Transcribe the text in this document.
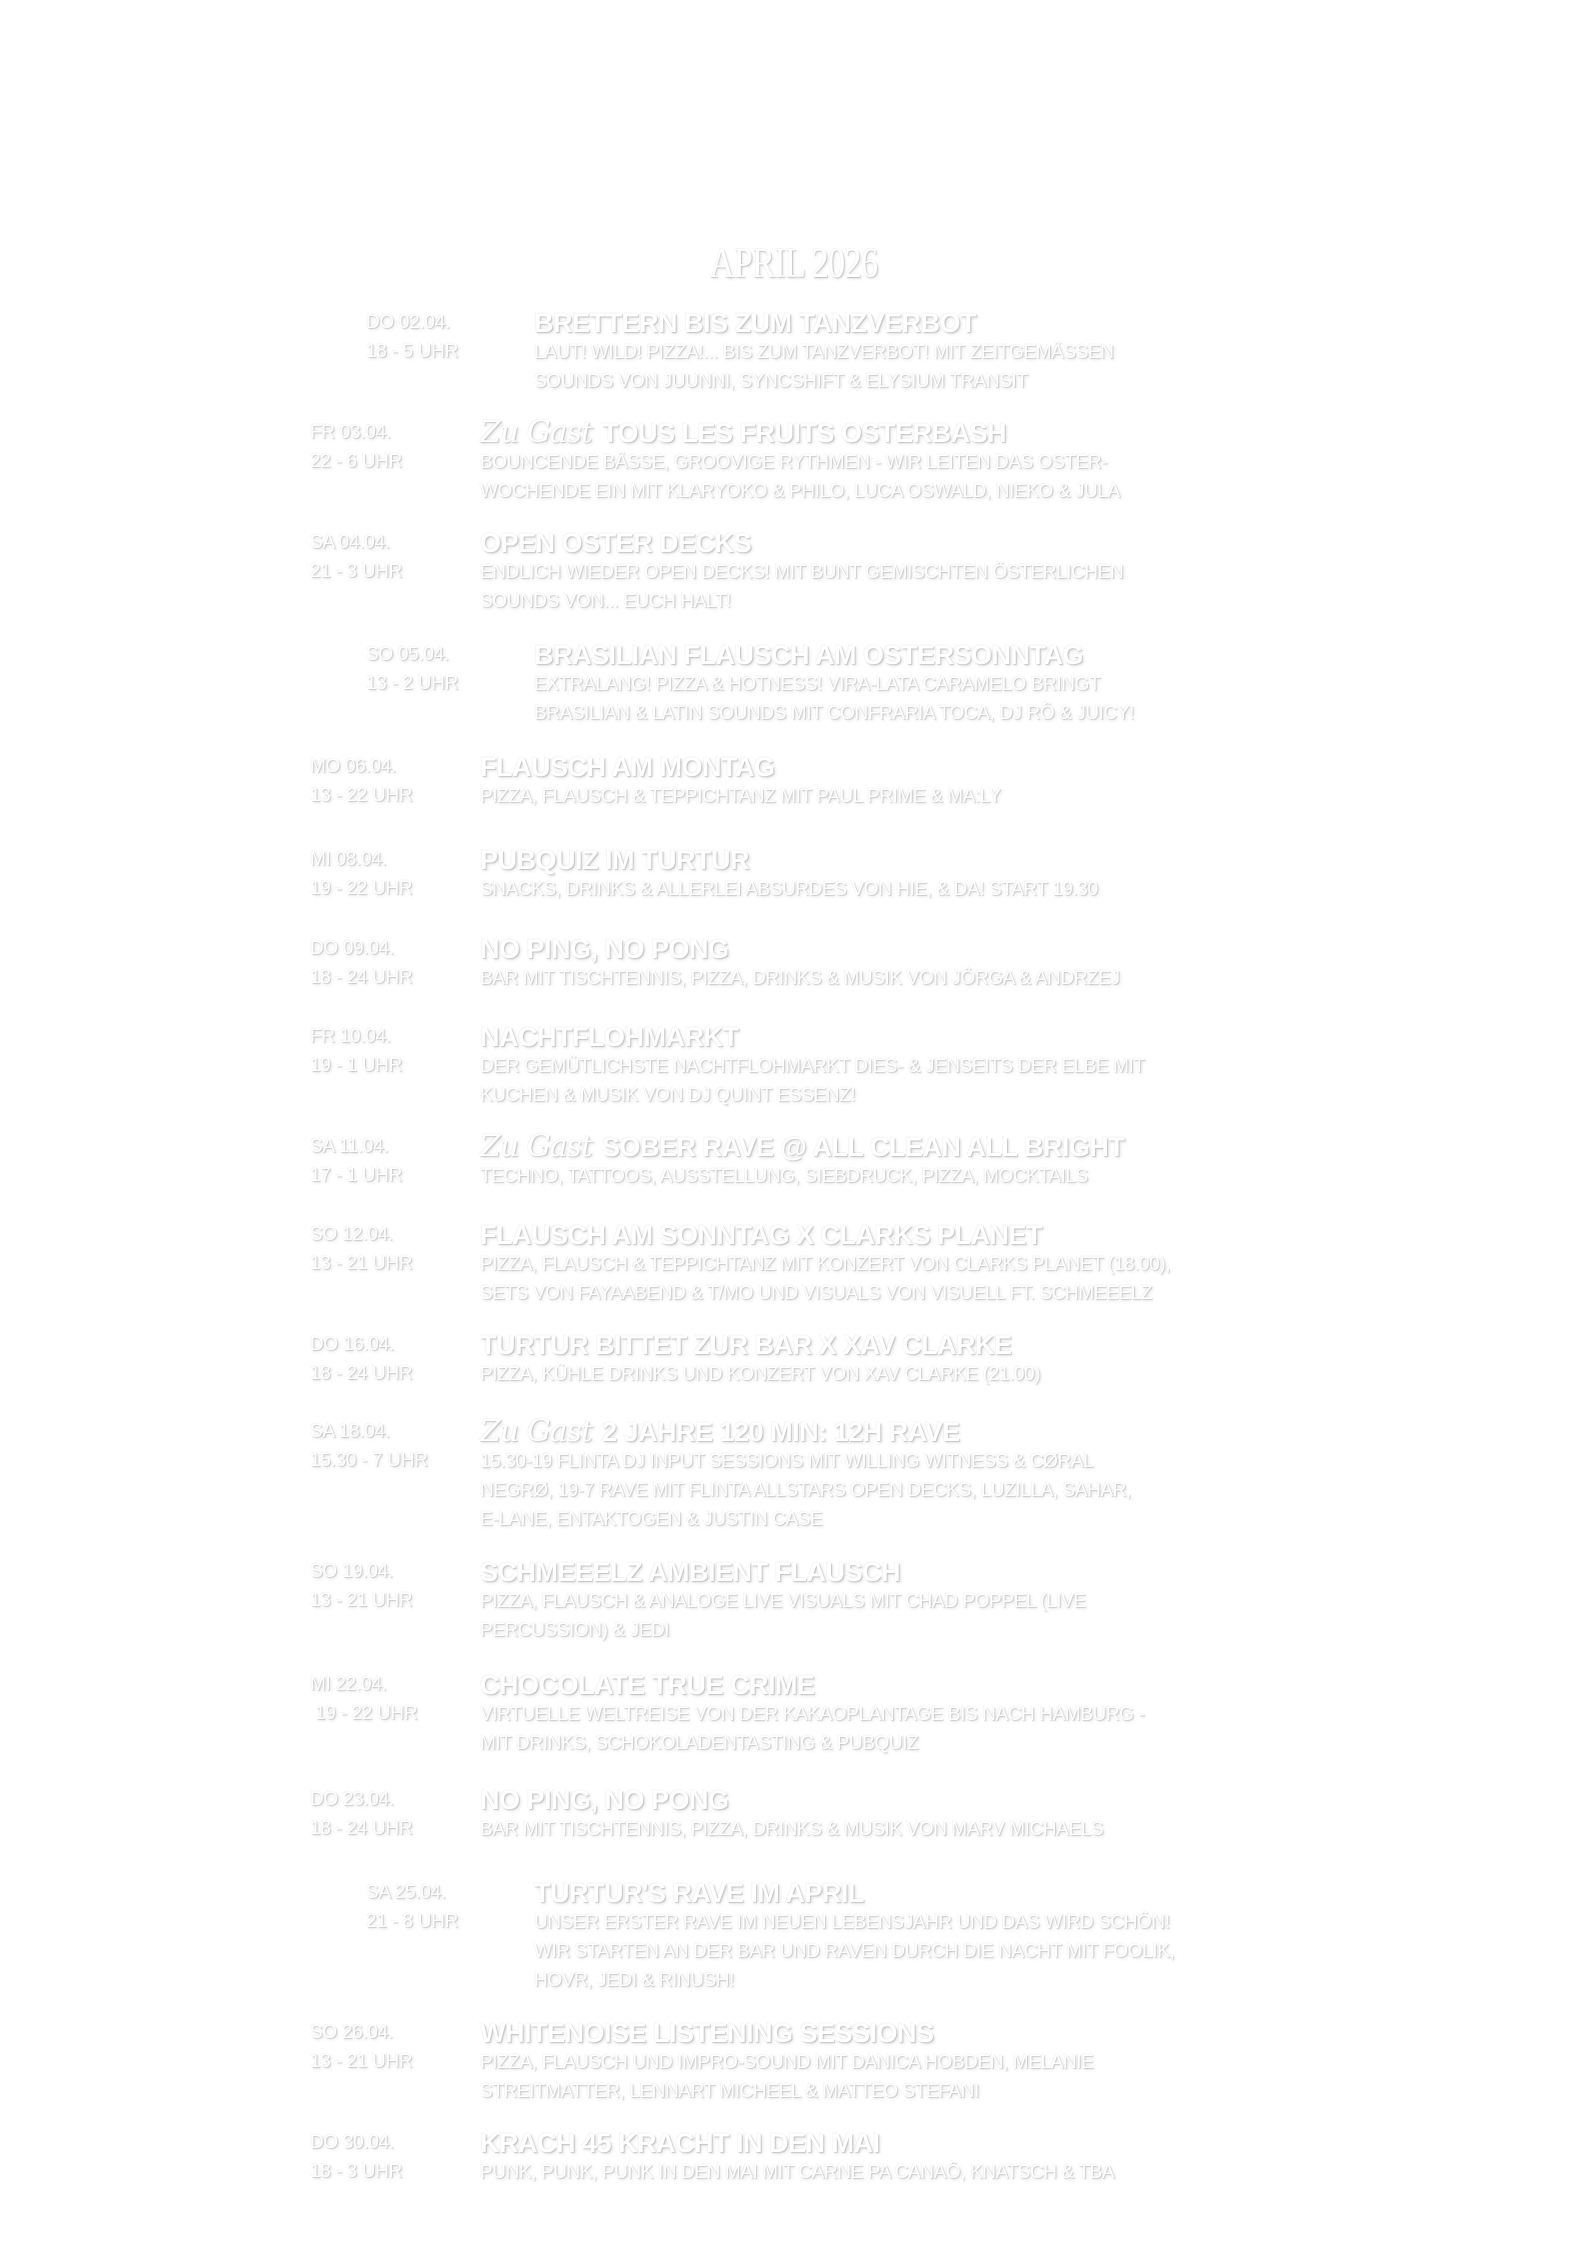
APRIL 2026
DO 02.04.
18 - 5 UHR
BRETTERN BIS ZUM TANZVERBOT
LAUT! WILD! PIZZA!... BIS ZUM TANZVERBOT! MIT ZEITGEMÄSSEN
SOUNDS VON JUUNNI, SYNCSHIFT & ELYSIUM TRANSIT
FR 03.04.
22 - 6 UHR
Zu Gast TOUS LES FRUITS OSTERBASH
BOUNCENDE BÄSSE, GROOVIGE RYTHMEN - WIR LEITEN DAS OSTER-
WOCHENDE EIN MIT KLARYOKO & PHILO, LUCA OSWALD, NIEKO & JULA
SA 04.04.
21 - 3 UHR
OPEN OSTER DECKS
ENDLICH WIEDER OPEN DECKS! MIT BUNT GEMISCHTEN ÖSTERLICHEN
SOUNDS VON... EUCH HALT!
SO 05.04.
13 - 2 UHR
BRASILIAN FLAUSCH AM OSTERSONNTAG
EXTRALANG! PIZZA & HOTNESS! VIRA-LATA CARAMELO BRINGT
BRASILIAN & LATIN SOUNDS MIT CONFRARIA TOCA, DJ RÔ & JUICY!
MO 06.04.
13 - 22 UHR
FLAUSCH AM MONTAG
PIZZA, FLAUSCH & TEPPICHTANZ MIT PAUL PRIME & MA:LY
MI 08.04.
19 - 22 UHR
PUBQUIZ IM TURTUR
SNACKS, DRINKS & ALLERLEI ABSURDES VON HIE, & DA! START 19.30
DO 09.04.
18 - 24 UHR
NO PING, NO PONG
BAR MIT TISCHTENNIS, PIZZA, DRINKS & MUSIK VON JÖRGA & ANDRZEJ
FR 10.04.
19 - 1 UHR
NACHTFLOHMARKT
DER GEMÜTLICHSTE NACHTFLOHMARKT DIES- & JENSEITS DER ELBE MIT
KUCHEN & MUSIK VON DJ QUINT ESSENZ!
SA 11.04.
17 - 1 UHR
Zu Gast SOBER RAVE @ ALL CLEAN ALL BRIGHT
TECHNO, TATTOOS, AUSSTELLUNG, SIEBDRUCK, PIZZA, MOCKTAILS
SO 12.04.
13 - 21 UHR
FLAUSCH AM SONNTAG X CLARKS PLANET
PIZZA, FLAUSCH & TEPPICHTANZ MIT KONZERT VON CLARKS PLANET (18.00),
SETS VON FAYAABEND & T/MO UND VISUALS VON VISUELL FT. SCHMEEELZ
DO 16.04.
18 - 24 UHR
TURTUR BITTET ZUR BAR X XAV CLARKE
PIZZA, KÜHLE DRINKS UND KONZERT VON XAV CLARKE (21.00)
SA 18.04.
15.30 - 7 UHR
Zu Gast 2 JAHRE 120 MIN: 12H RAVE
15.30-19 FLINTA DJ INPUT SESSIONS MIT WILLING WITNESS & CØRAL
NEGRØ, 19-7 RAVE MIT FLINTA ALLSTARS OPEN DECKS, LUZILLA, SAHAR,
E-LANE, ENTAKTOGEN & JUSTIN CASE
SO 19.04.
13 - 21 UHR
SCHMEEELZ AMBIENT FLAUSCH
PIZZA, FLAUSCH & ANALOGE LIVE VISUALS MIT CHAD POPPEL (LIVE
PERCUSSION) & JEDI
MI 22.04.
19 - 22 UHR
CHOCOLATE TRUE CRIME
VIRTUELLE WELTREISE VON DER KAKAOPLANTAGE BIS NACH HAMBURG -
MIT DRINKS, SCHOKOLADENTASTING & PUBQUIZ
DO 23.04.
18 - 24 UHR
NO PING, NO PONG
BAR MIT TISCHTENNIS, PIZZA, DRINKS & MUSIK VON MARV MICHAELS
SA 25.04.
21 - 8 UHR
TURTUR'S RAVE IM APRIL
UNSER ERSTER RAVE IM NEUEN LEBENSJAHR UND DAS WIRD SCHÖN!
WIR STARTEN AN DER BAR UND RAVEN DURCH DIE NACHT MIT FOOLIK,
HOVR, JEDI & RINUSH!
SO 26.04.
13 - 21 UHR
WHITENOISE LISTENING SESSIONS
PIZZA, FLAUSCH UND IMPRO-SOUND MIT DANICA HOBDEN, MELANIE
STREITMATTER, LENNART MICHEEL & MATTEO STEFANI
DO 30.04.
18 - 3 UHR
KRACH 45 KRACHT IN DEN MAI
PUNK, PUNK, PUNK IN DEN MAI MIT CARNE PA CANAÔ, KNATSCH & TBA
